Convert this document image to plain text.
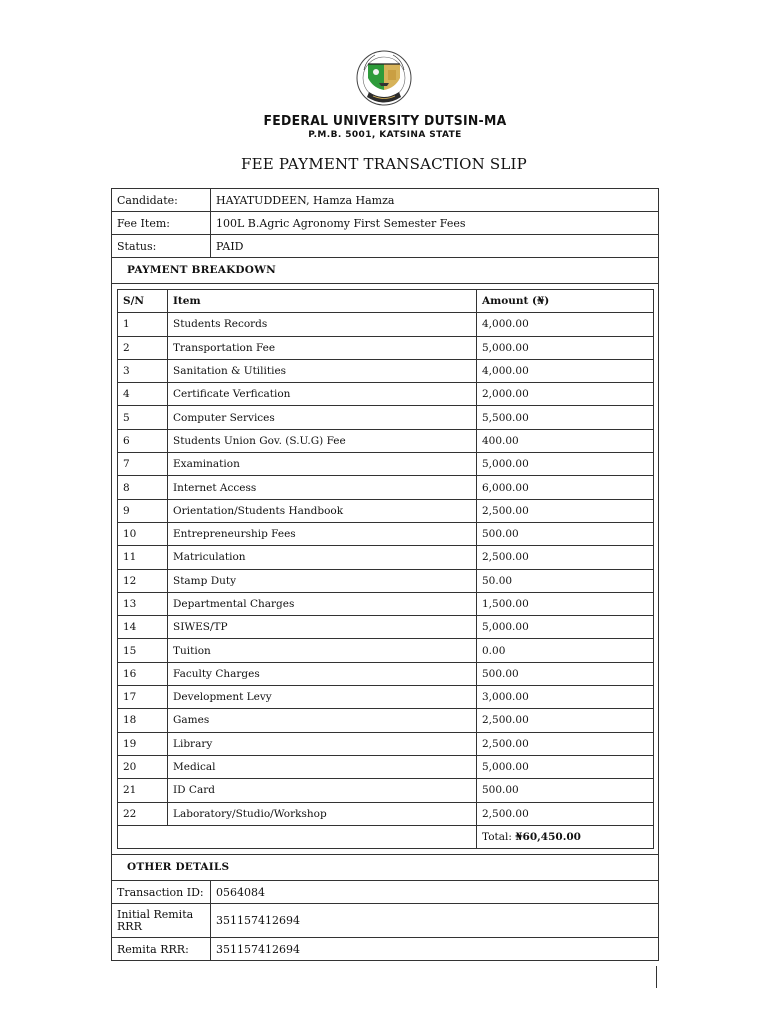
FEDERAL UNIVERSITY DUTSIN-MA
P.M.B. 5001, KATSINA STATE
FEE PAYMENT TRANSACTION SLIP
Candidate:	HAYATUDDEEN, Hamza Hamza
Fee Item:	100L B.Agric Agronomy First Semester Fees
Status:	PAID
PAYMENT BREAKDOWN
S/N	Item	Amount (₦)
1	Students Records	4,000.00
2	Transportation Fee	5,000.00
3	Sanitation & Utilities	4,000.00
4	Certificate Verfication	2,000.00
5	Computer Services	5,500.00
6	Students Union Gov. (S.U.G) Fee	400.00
7	Examination	5,000.00
8	Internet Access	6,000.00
9	Orientation/Students Handbook	2,500.00
10	Entrepreneurship Fees	500.00
11	Matriculation	2,500.00
12	Stamp Duty	50.00
13	Departmental Charges	1,500.00
14	SIWES/TP	5,000.00
15	Tuition	0.00
16	Faculty Charges	500.00
17	Development Levy	3,000.00
18	Games	2,500.00
19	Library	2,500.00
20	Medical	5,000.00
21	ID Card	500.00
22	Laboratory/Studio/Workshop	2,500.00
		Total: ₦60,450.00
OTHER DETAILS
Transaction ID:	0564084
Initial Remita RRR	351157412694
Remita RRR:	351157412694
